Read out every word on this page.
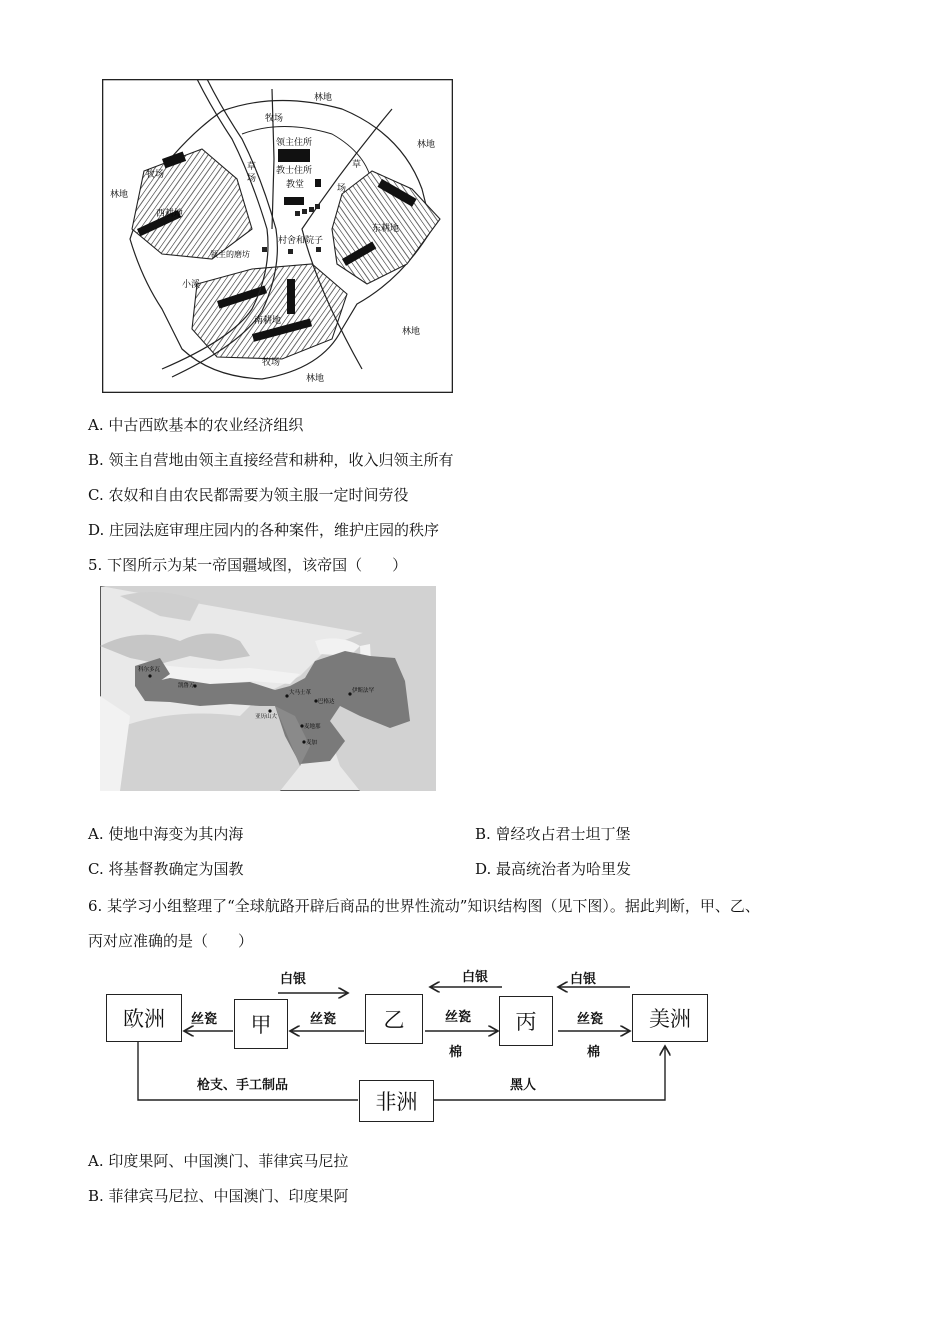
林地
牧场
林地
林地
牧场
草
场
草
场
领主住所
教士住所
教堂
西耕地
东耕地
南耕地
村舍和院子
领主的磨坊
小溪
牧场
林地
林地
A. 中古西欧基本的农业经济组织
B. 领主自营地由领主直接经营和耕种，收入归领主所有
C. 农奴和自由农民都需要为领主服一定时间劳役
D. 庄园法庭审理庄园内的各种案件，维护庄园的秩序
5. 下图所示为某一帝国疆域图，该帝国（　　）
科尔多瓦
凯鲁万
亚历山大
大马士革
巴格达
伊斯法罕
麦地那
麦加
A. 使地中海变为其内海	B. 曾经攻占君士坦丁堡
C. 将基督教确定为国教	D. 最高统治者为哈里发
6. 某学习小组整理了“全球航路开辟后商品的世界性流动”知识结构图（见下图）。据此判断，甲、乙、
丙对应准确的是（　　）
欧洲	甲	乙	丙	美洲
非洲
白银	白银	白银
丝瓷	丝瓷	丝瓷	丝瓷
棉	棉
枪支、手工制品	黑人
A. 印度果阿、中国澳门、菲律宾马尼拉
B. 菲律宾马尼拉、中国澳门、印度果阿
